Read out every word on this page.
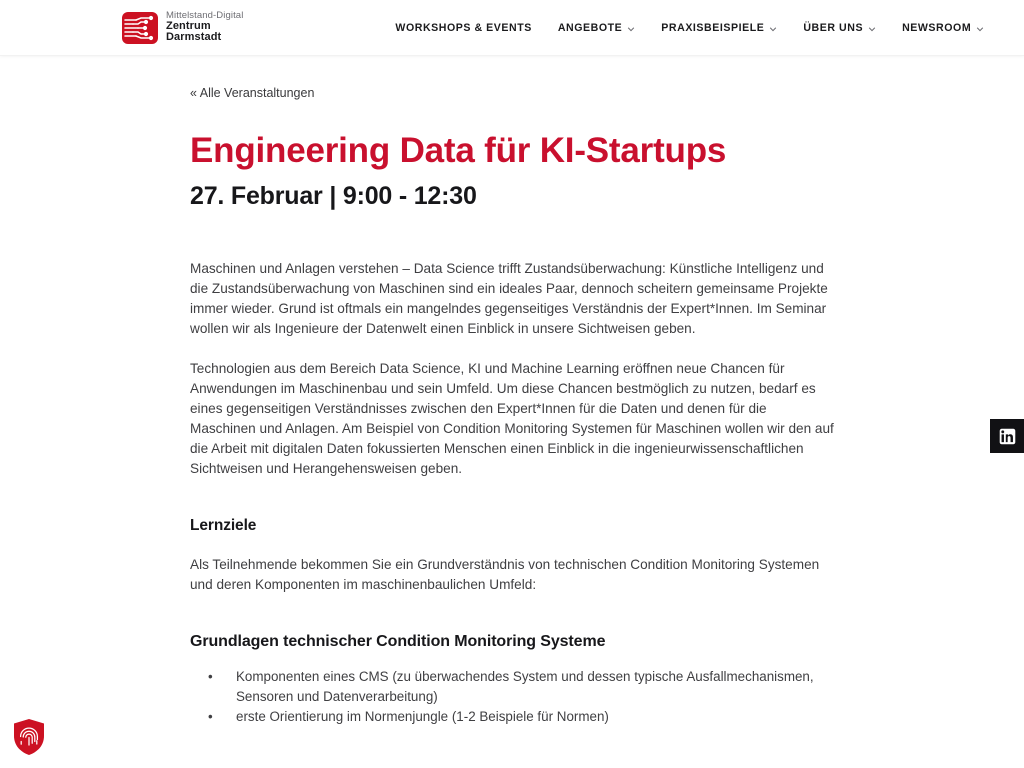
Mittelstand-Digital
Zentrum
Darmstadt
WORKSHOPS & EVENTS ANGEBOTE	PRAXISBEISPIELE	ÜBER UNS	NEWSROOM
« Alle Veranstaltungen
Engineering Data für KI-Startups
27. Februar | 9:00 - 12:30

Maschinen und Anlagen verstehen – Data Science trifft Zustandsüberwachung: Künstliche Intelligenz und die Zustandsüberwachung von Maschinen sind ein ideales Paar, dennoch scheitern gemeinsame Projekte immer wieder. Grund ist oftmals ein mangelndes gegenseitiges Verständnis der Expert*Innen. Im Seminar wollen wir als Ingenieure der Datenwelt einen Einblick in unsere Sichtweisen geben.

Technologien aus dem Bereich Data Science, KI und Machine Learning eröffnen neue Chancen für Anwendungen im Maschinenbau und sein Umfeld. Um diese Chancen bestmöglich zu nutzen, bedarf es eines gegenseitigen Verständnisses zwischen den Expert*Innen für die Daten und denen für die Maschinen und Anlagen. Am Beispiel von Condition Monitoring Systemen für Maschinen wollen wir den auf die Arbeit mit digitalen Daten fokussierten Menschen einen Einblick in die ingenieurwissenschaftlichen Sichtweisen und Herangehensweisen geben.

Lernziele

Als Teilnehmende bekommen Sie ein Grundverständnis von technischen Condition Monitoring Systemen und deren Komponenten im maschinenbaulichen Umfeld:

Grundlagen technischer Condition Monitoring Systeme
• Komponenten eines CMS (zu überwachendes System und dessen typische Ausfallmechanismen, Sensoren und Datenverarbeitung)
• erste Orientierung im Normenjungle (1-2 Beispiele für Normen)
